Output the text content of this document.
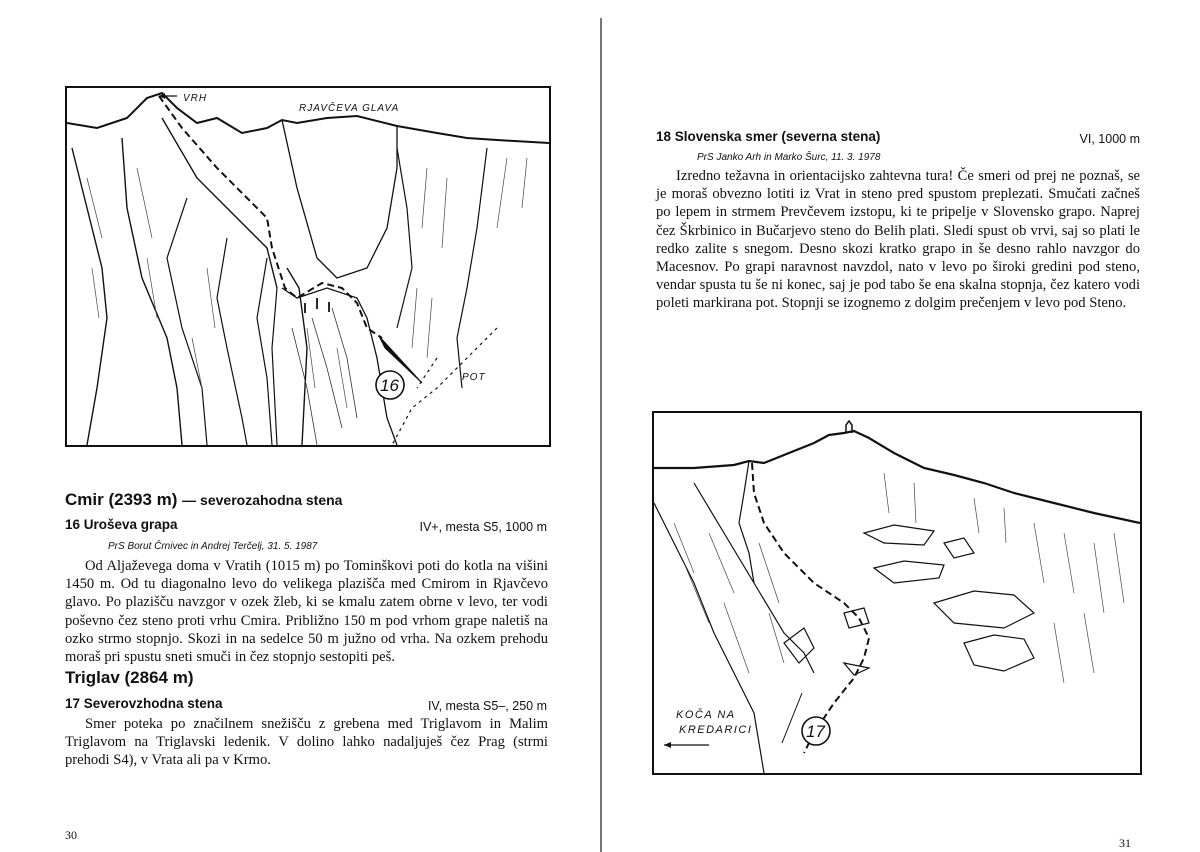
VRH
RJAVČEVA GLAVA
POT
16
Cmir (2393 m) — severozahodna stena
16 Uroševa grapa	IV+, mesta S5, 1000 m
PrS Borut Črnivec in Andrej Terčelj, 31. 5. 1987

Od Aljaževega doma v Vratih (1015 m) po Tominškovi poti do kotla na višini 1450 m. Od tu diagonalno levo do velikega plazišča med Cmirom in Rjavčevo glavo. Po plazišču navzgor v ozek žleb, ki se kmalu zatem obrne v levo, ter vodi poševno čez steno proti vrhu Cmira. Približno 150 m pod vrhom grape naletiš na ozko strmo stopnjo. Skozi in na sedelce 50 m južno od vrha. Na ozkem prehodu moraš pri spustu sneti smuči in čez stopnjo sestopiti peš.

Triglav (2864 m)
17 Severovzhodna stena	IV, mesta S5–, 250 m

Smer poteka po značilnem snežišču z grebena med Triglavom in Malim Triglavom na Triglavski ledenik. V dolino lahko nadaljuješ čez Prag (strmi prehodi S4), v Vrata ali pa v Krmo.

30
18 Slovenska smer (severna stena)	VI, 1000 m
PrS Janko Arh in Marko Šurc, 11. 3. 1978

Izredno težavna in orientacijsko zahtevna tura! Če smeri od prej ne poznaš, se je moraš obvezno lotiti iz Vrat in steno pred spustom preplezati. Smučati začneš po lepem in strmem Prevčevem izstopu, ki te pripelje v Slovensko grapo. Naprej čez Škrbinico in Bučarjevo steno do Belih plati. Sledi spust ob vrvi, saj so plati le redko zalite s snegom. Desno skozi kratko grapo in še desno rahlo navzgor do Macesnov. Po grapi naravnost navzdol, nato v levo po široki gredini pod steno, vendar spusta tu še ni konec, saj je pod tabo še ena skalna stopnja, čez katero vodi poleti markirana pot. Stopnji se izognemo z dolgim prečenjem v levo pod Steno.

KOČA NA
KREDARICI	17
31
